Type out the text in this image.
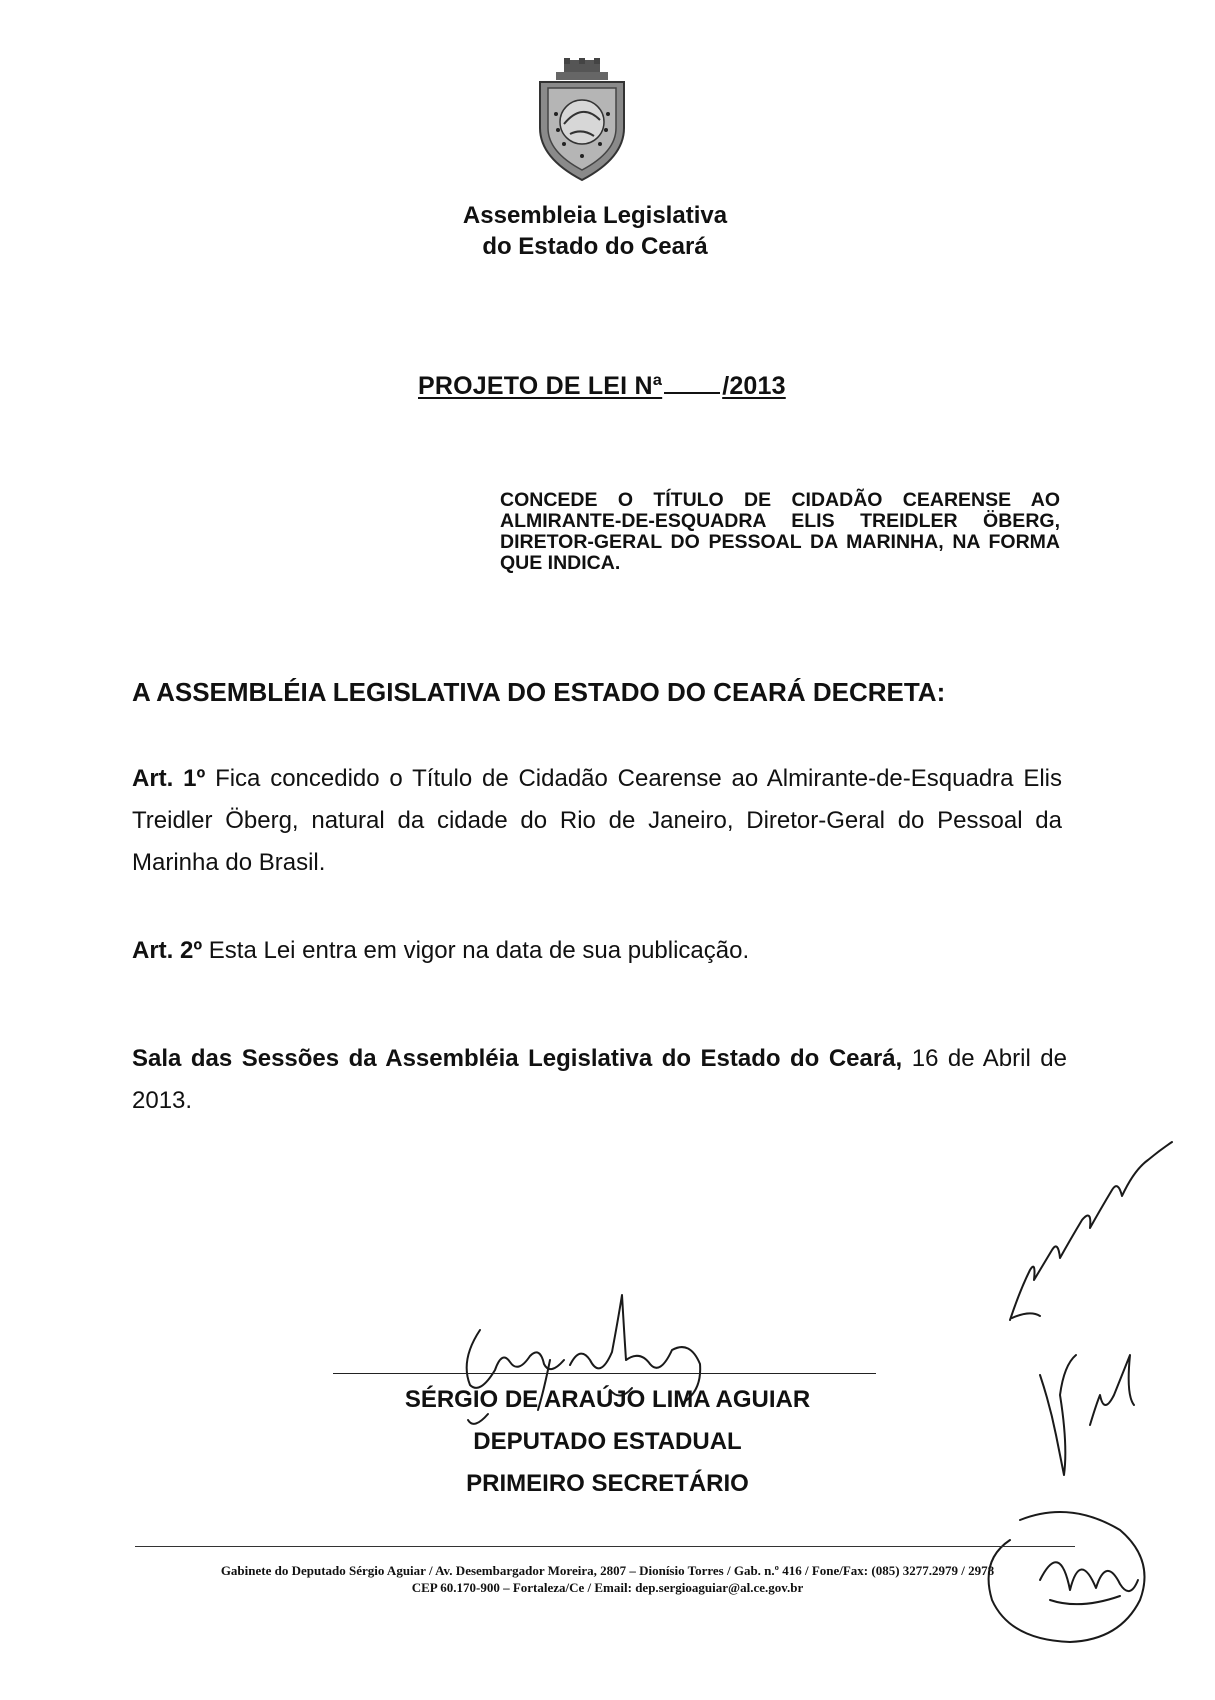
Assembleia Legislativa
do Estado do Ceará
PROJETO DE LEI Nª /2013
CONCEDE O TÍTULO DE CIDADÃO CEARENSE AO ALMIRANTE-DE-ESQUADRA ELIS TREIDLER ÖBERG, DIRETOR-GERAL DO PESSOAL DA MARINHA, NA FORMA QUE INDICA.
A ASSEMBLÉIA LEGISLATIVA DO ESTADO DO CEARÁ DECRETA:
Art. 1º Fica concedido o Título de Cidadão Cearense ao Almirante-de-Esquadra Elis Treidler Öberg, natural da cidade do Rio de Janeiro, Diretor-Geral do Pessoal da Marinha do Brasil.
Art. 2º Esta Lei entra em vigor na data de sua publicação.
Sala das Sessões da Assembléia Legislativa do Estado do Ceará, 16 de Abril de 2013.
SÉRGIO DE ARAÚJO LIMA AGUIAR
DEPUTADO ESTADUAL
PRIMEIRO SECRETÁRIO
Gabinete do Deputado Sérgio Aguiar / Av. Desembargador Moreira, 2807 – Dionísio Torres / Gab. n.º 416 / Fone/Fax: (085) 3277.2979 / 2978
CEP 60.170-900 – Fortaleza/Ce / Email: dep.sergioaguiar@al.ce.gov.br
